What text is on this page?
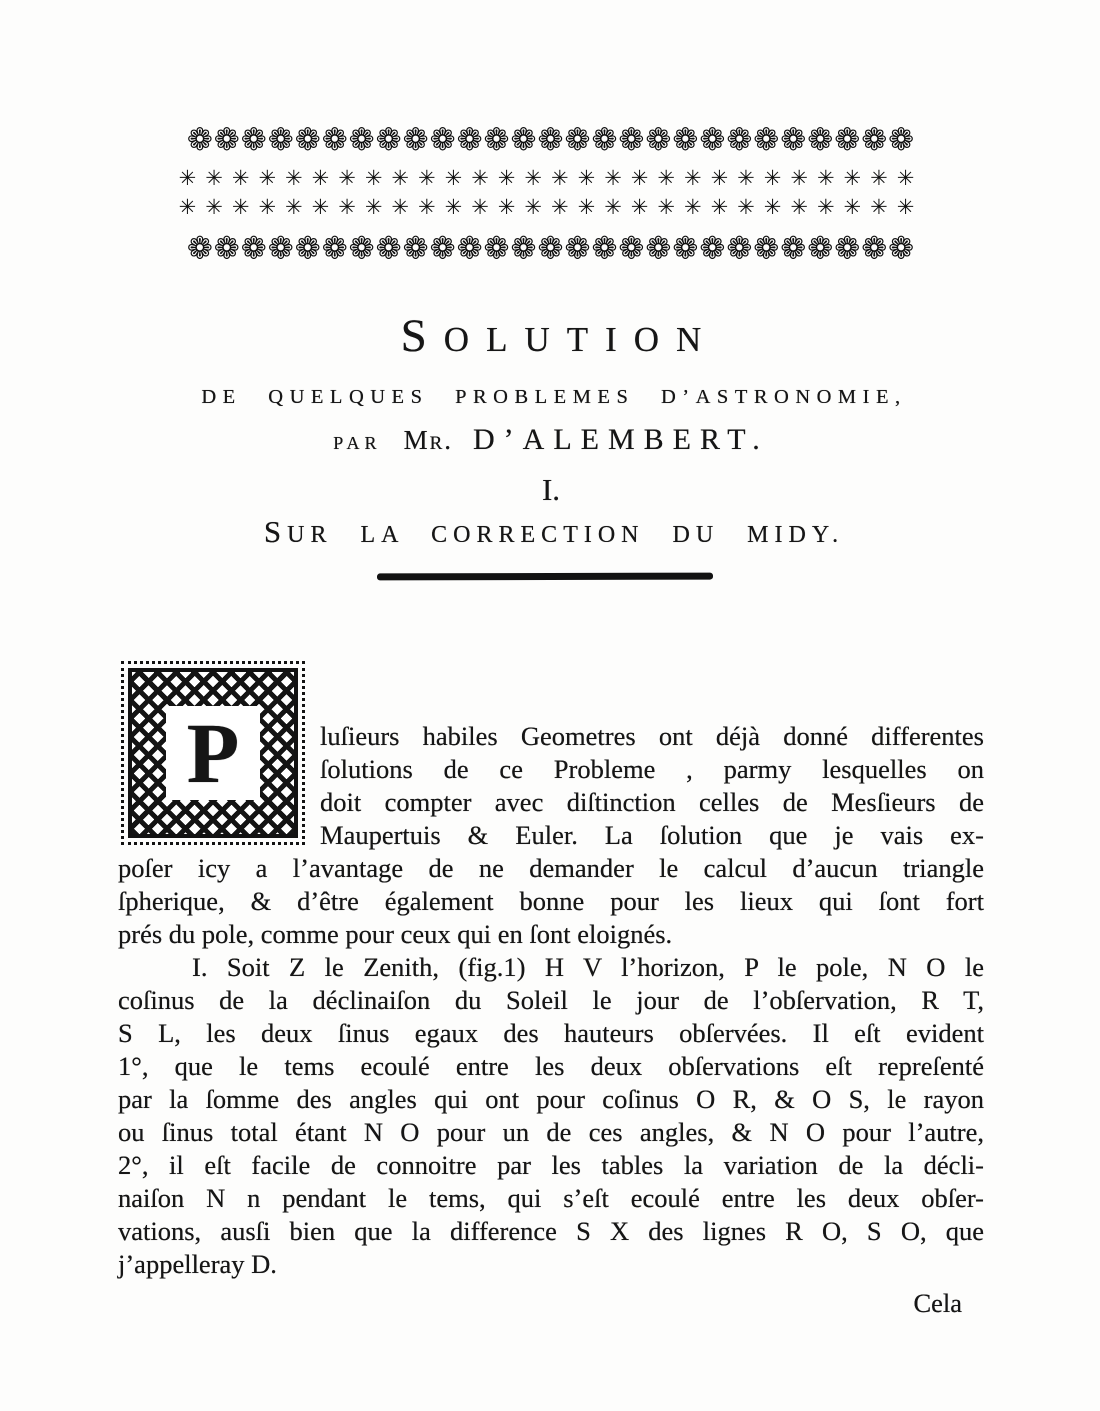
❁❁❁❁❁❁❁❁❁❁❁❁❁❁❁❁❁❁❁❁❁❁❁❁❁❁❁
✳✳✳✳✳✳✳✳✳✳✳✳✳✳✳✳✳✳✳✳✳✳✳✳✳✳✳✳
✳✳✳✳✳✳✳✳✳✳✳✳✳✳✳✳✳✳✳✳✳✳✳✳✳✳✳✳
❁❁❁❁❁❁❁❁❁❁❁❁❁❁❁❁❁❁❁❁❁❁❁❁❁❁❁
SOLUTION
DE QUELQUES PROBLEMES D’ASTRONOMIE,
PAR Mr. D’ALEMBERT.
I.
SUR LA CORRECTION DU MIDY.
P	luſieurs habiles Geometres ont déjà donné differentes
ſolutions de ce Probleme , parmy lesquelles on
doit compter avec diſtinction celles de Mesſieurs de
Maupertuis & Euler. La ſolution que je vais ex-
poſer icy a l’avantage de ne demander le calcul d’aucun triangle
ſpherique, & d’être également bonne pour les lieux qui ſont fort
prés du pole, comme pour ceux qui en ſont eloignés.
I. Soit Z le Zenith, (fig.1) H V l’horizon, P le pole, N O le
coſinus de la déclinaiſon du Soleil le jour de l’obſervation, R T,
S L, les deux ſinus egaux des hauteurs obſervées. Il eſt evident
1°, que le tems ecoulé entre les deux obſervations eſt repreſenté
par la ſomme des angles qui ont pour coſinus O R, & O S, le rayon
ou ſinus total étant N O pour un de ces angles, & N O pour l’autre,
2°, il eſt facile de connoitre par les tables la variation de la décli-
naiſon N n pendant le tems, qui s’eſt ecoulé entre les deux obſer-
vations, ausſi bien que la difference S X des lignes R O, S O, que
j’appelleray D.
Cela
